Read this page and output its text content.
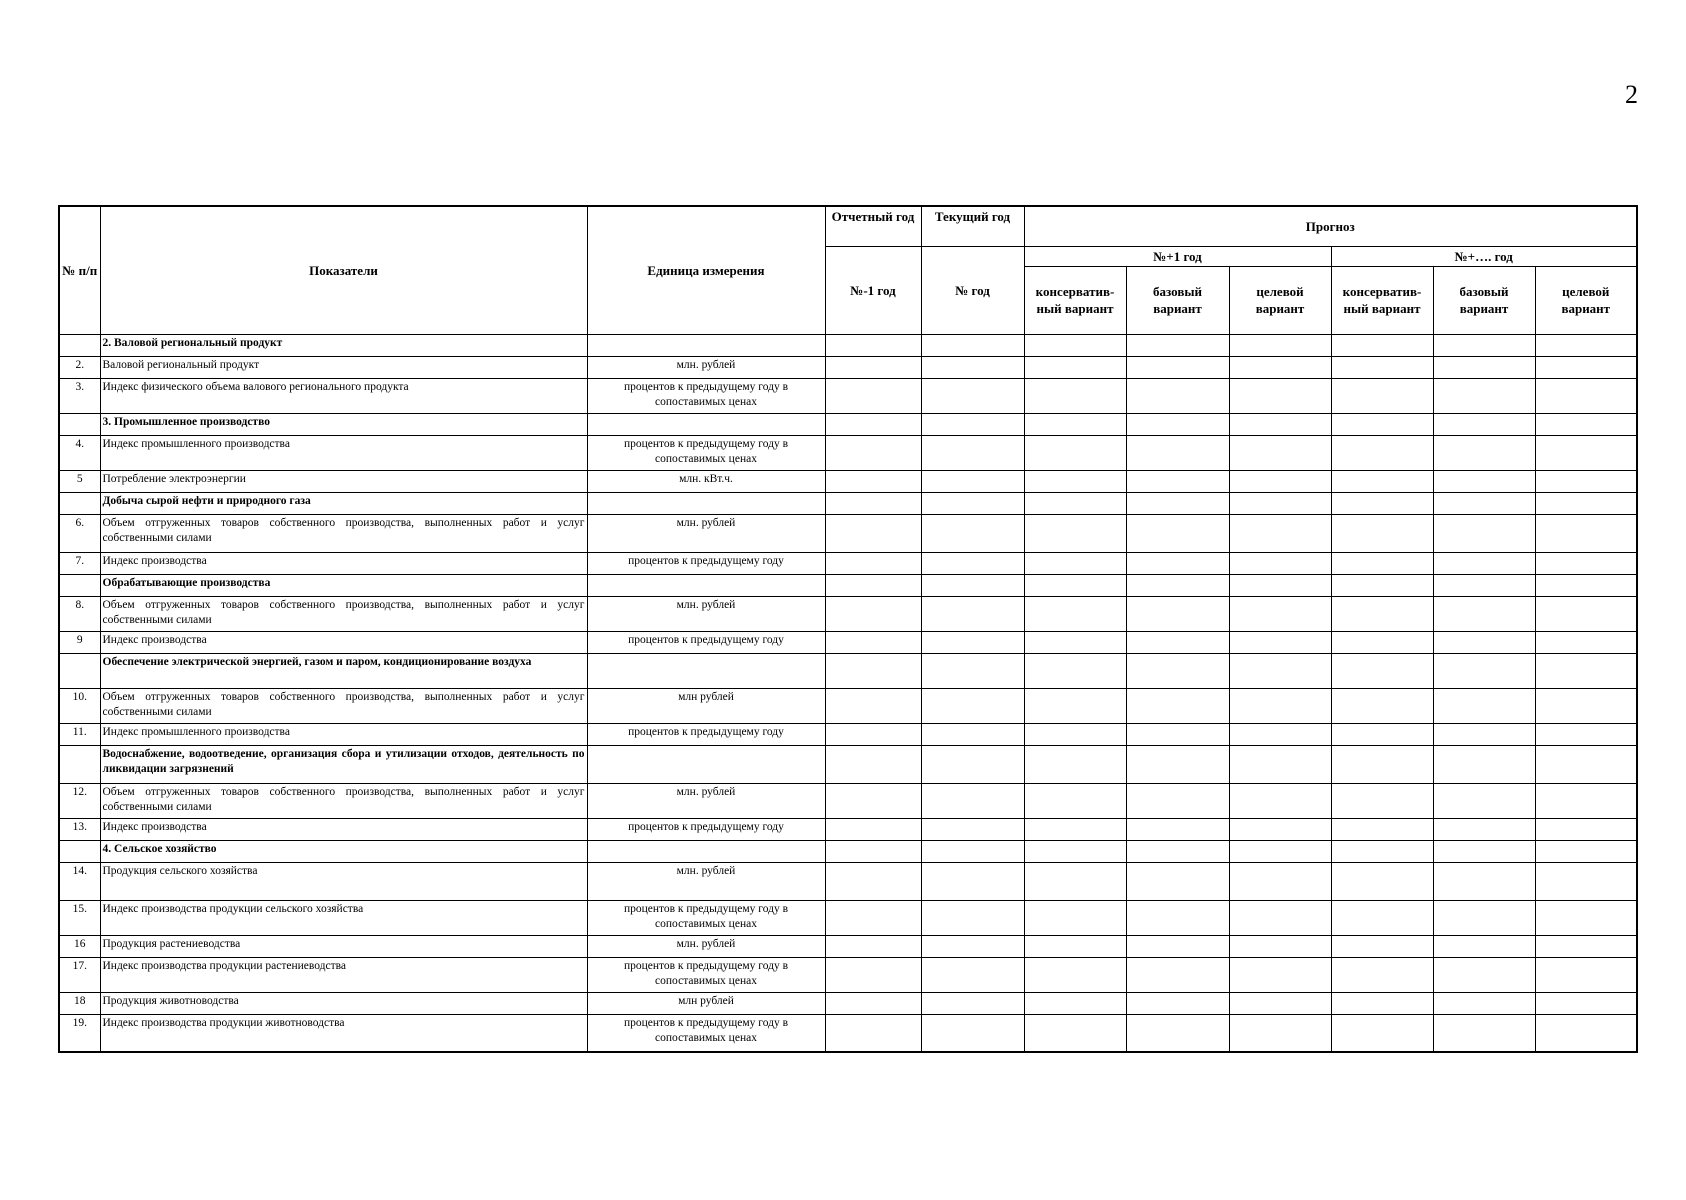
2
№ п/п	Показатели	Единица измерения	Отчетный год	Текущий год	Прогноз					
			№-1 год	№ год	№+1 год			№+…. год		
					консерватив-ный вариант	базовый вариант	целевой вариант	консерватив-ный вариант	базовый вариант	целевой вариант
	2. Валовой региональный продукт									
2.	Валовой региональный продукт	млн. рублей								
3.	Индекс физического объема валового регионального продукта	процентов к предыдущему году в сопоставимых ценах								
	3. Промышленное производство									
4.	Индекс промышленного производства	процентов к предыдущему году в сопоставимых ценах								
5	Потребление электроэнергии	млн. кВт.ч.								
	Добыча сырой нефти и природного газа									
6.	Объем отгруженных товаров собственного производства, выполненных работ и услуг собственными силами	млн. рублей								
7.	Индекс производства	процентов к предыдущему году								
	Обрабатывающие производства									
8.	Объем отгруженных товаров собственного производства, выполненных работ и услуг собственными силами	млн. рублей								
9	Индекс производства	процентов к предыдущему году								
	Обеспечение электрической энергией, газом и паром, кондиционирование воздуха									
10.	Объем отгруженных товаров собственного производства, выполненных работ и услуг собственными силами	млн рублей								
11.	Индекс промышленного производства	процентов к предыдущему году								
	Водоснабжение, водоотведение, организация сбора и утилизации отходов, деятельность по ликвидации загрязнений									
12.	Объем отгруженных товаров собственного производства, выполненных работ и услуг собственными силами	млн. рублей								
13.	Индекс производства	процентов к предыдущему году								
	4. Сельское хозяйство									
14.	Продукция сельского хозяйства	млн. рублей								
15.	Индекс производства продукции сельского хозяйства	процентов к предыдущему году в сопоставимых ценах								
16	Продукция растениеводства	млн. рублей								
17.	Индекс производства продукции растениеводства	процентов к предыдущему году в сопоставимых ценах								
18	Продукция животноводства	млн рублей								
19.	Индекс производства продукции животноводства	процентов к предыдущему году в сопоставимых ценах								
